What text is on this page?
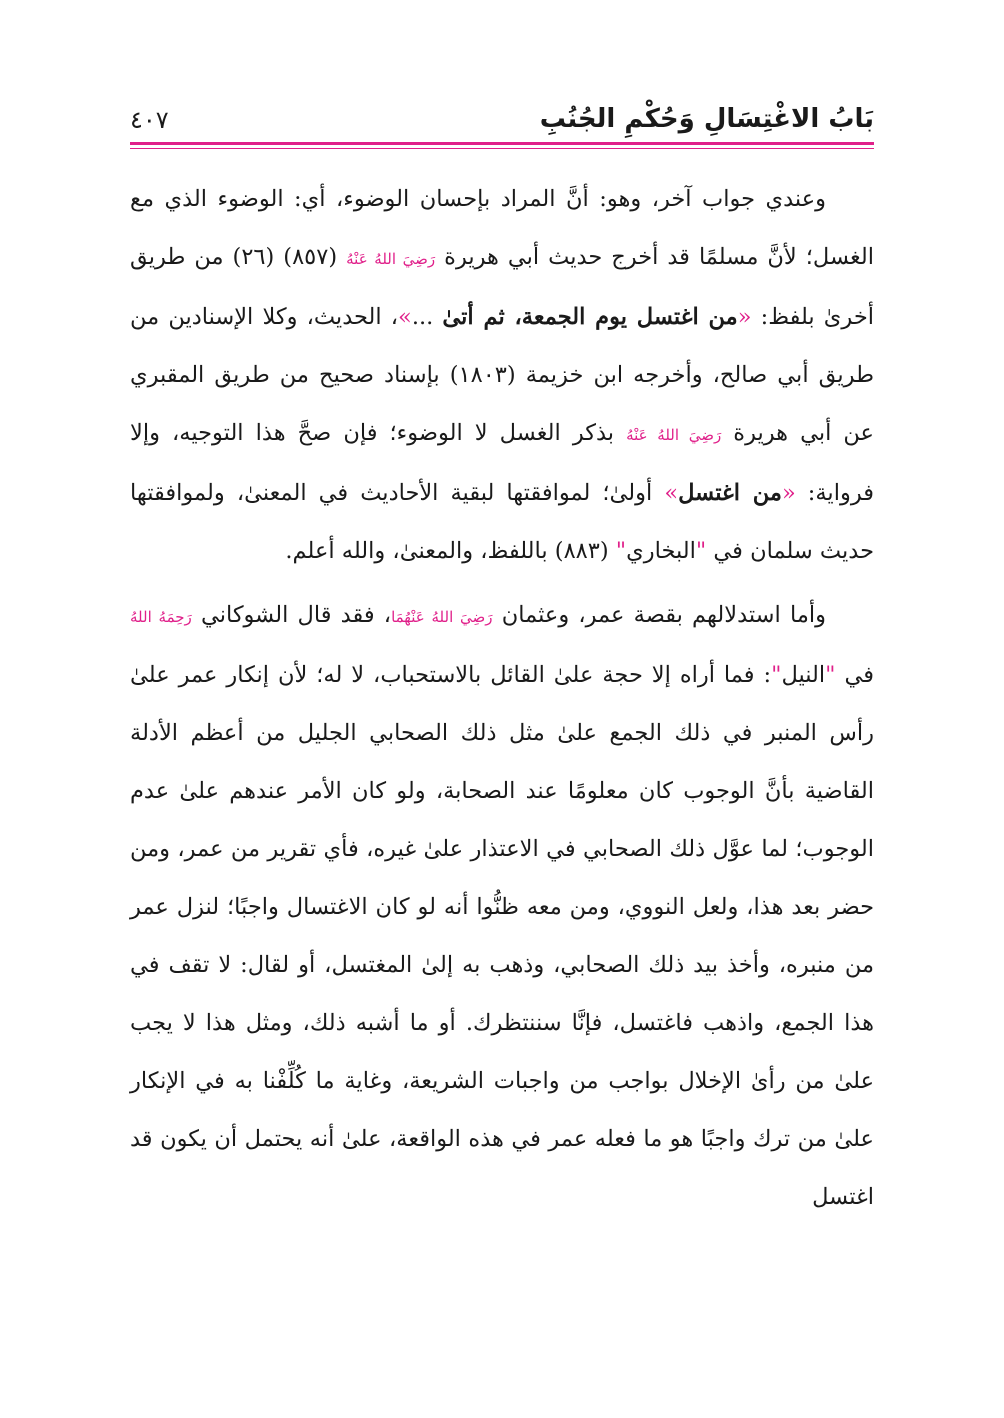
بَابُ الاغْتِسَالِ وَحُكْمِ الجُنُبِ
٤٠٧

وعندي جواب آخر، وهو: أنَّ المراد بإحسان الوضوء، أي: الوضوء الذي مع الغسل؛ لأنَّ مسلمًا قد أخرج حديث أبي هريرة رَضِيَ اللهُ عَنْهُ (٨٥٧) (٢٦) من طريق أخرىٰ بلفظ: «من اغتسل يوم الجمعة، ثم أتىٰ ...»، الحديث، وكلا الإسنادين من طريق أبي صالح، وأخرجه ابن خزيمة (١٨٠٣) بإسناد صحيح من طريق المقبري عن أبي هريرة رَضِيَ اللهُ عَنْهُ بذكر الغسل لا الوضوء؛ فإن صحَّ هذا التوجيه، وإلا فرواية: «من اغتسل» أولىٰ؛ لموافقتها لبقية الأحاديث في المعنىٰ، ولموافقتها حديث سلمان في "البخاري" (٨٨٣) باللفظ، والمعنىٰ، والله أعلم.

وأما استدلالهم بقصة عمر، وعثمان رَضِيَ اللهُ عَنْهُمَا، فقد قال الشوكاني رَحِمَهُ اللهُ في "النيل": فما أراه إلا حجة علىٰ القائل بالاستحباب، لا له؛ لأن إنكار عمر علىٰ رأس المنبر في ذلك الجمع علىٰ مثل ذلك الصحابي الجليل من أعظم الأدلة القاضية بأنَّ الوجوب كان معلومًا عند الصحابة، ولو كان الأمر عندهم علىٰ عدم الوجوب؛ لما عوَّل ذلك الصحابي في الاعتذار علىٰ غيره، فأي تقرير من عمر، ومن حضر بعد هذا، ولعل النووي، ومن معه ظنُّوا أنه لو كان الاغتسال واجبًا؛ لنزل عمر من منبره، وأخذ بيد ذلك الصحابي، وذهب به إلىٰ المغتسل، أو لقال: لا تقف في هذا الجمع، واذهب فاغتسل، فإنَّا سننتظرك. أو ما أشبه ذلك، ومثل هذا لا يجب علىٰ من رأىٰ الإخلال بواجب من واجبات الشريعة، وغاية ما كُلِّفْنا به في الإنكار علىٰ من ترك واجبًا هو ما فعله عمر في هذه الواقعة، علىٰ أنه يحتمل أن يكون قد اغتسل
